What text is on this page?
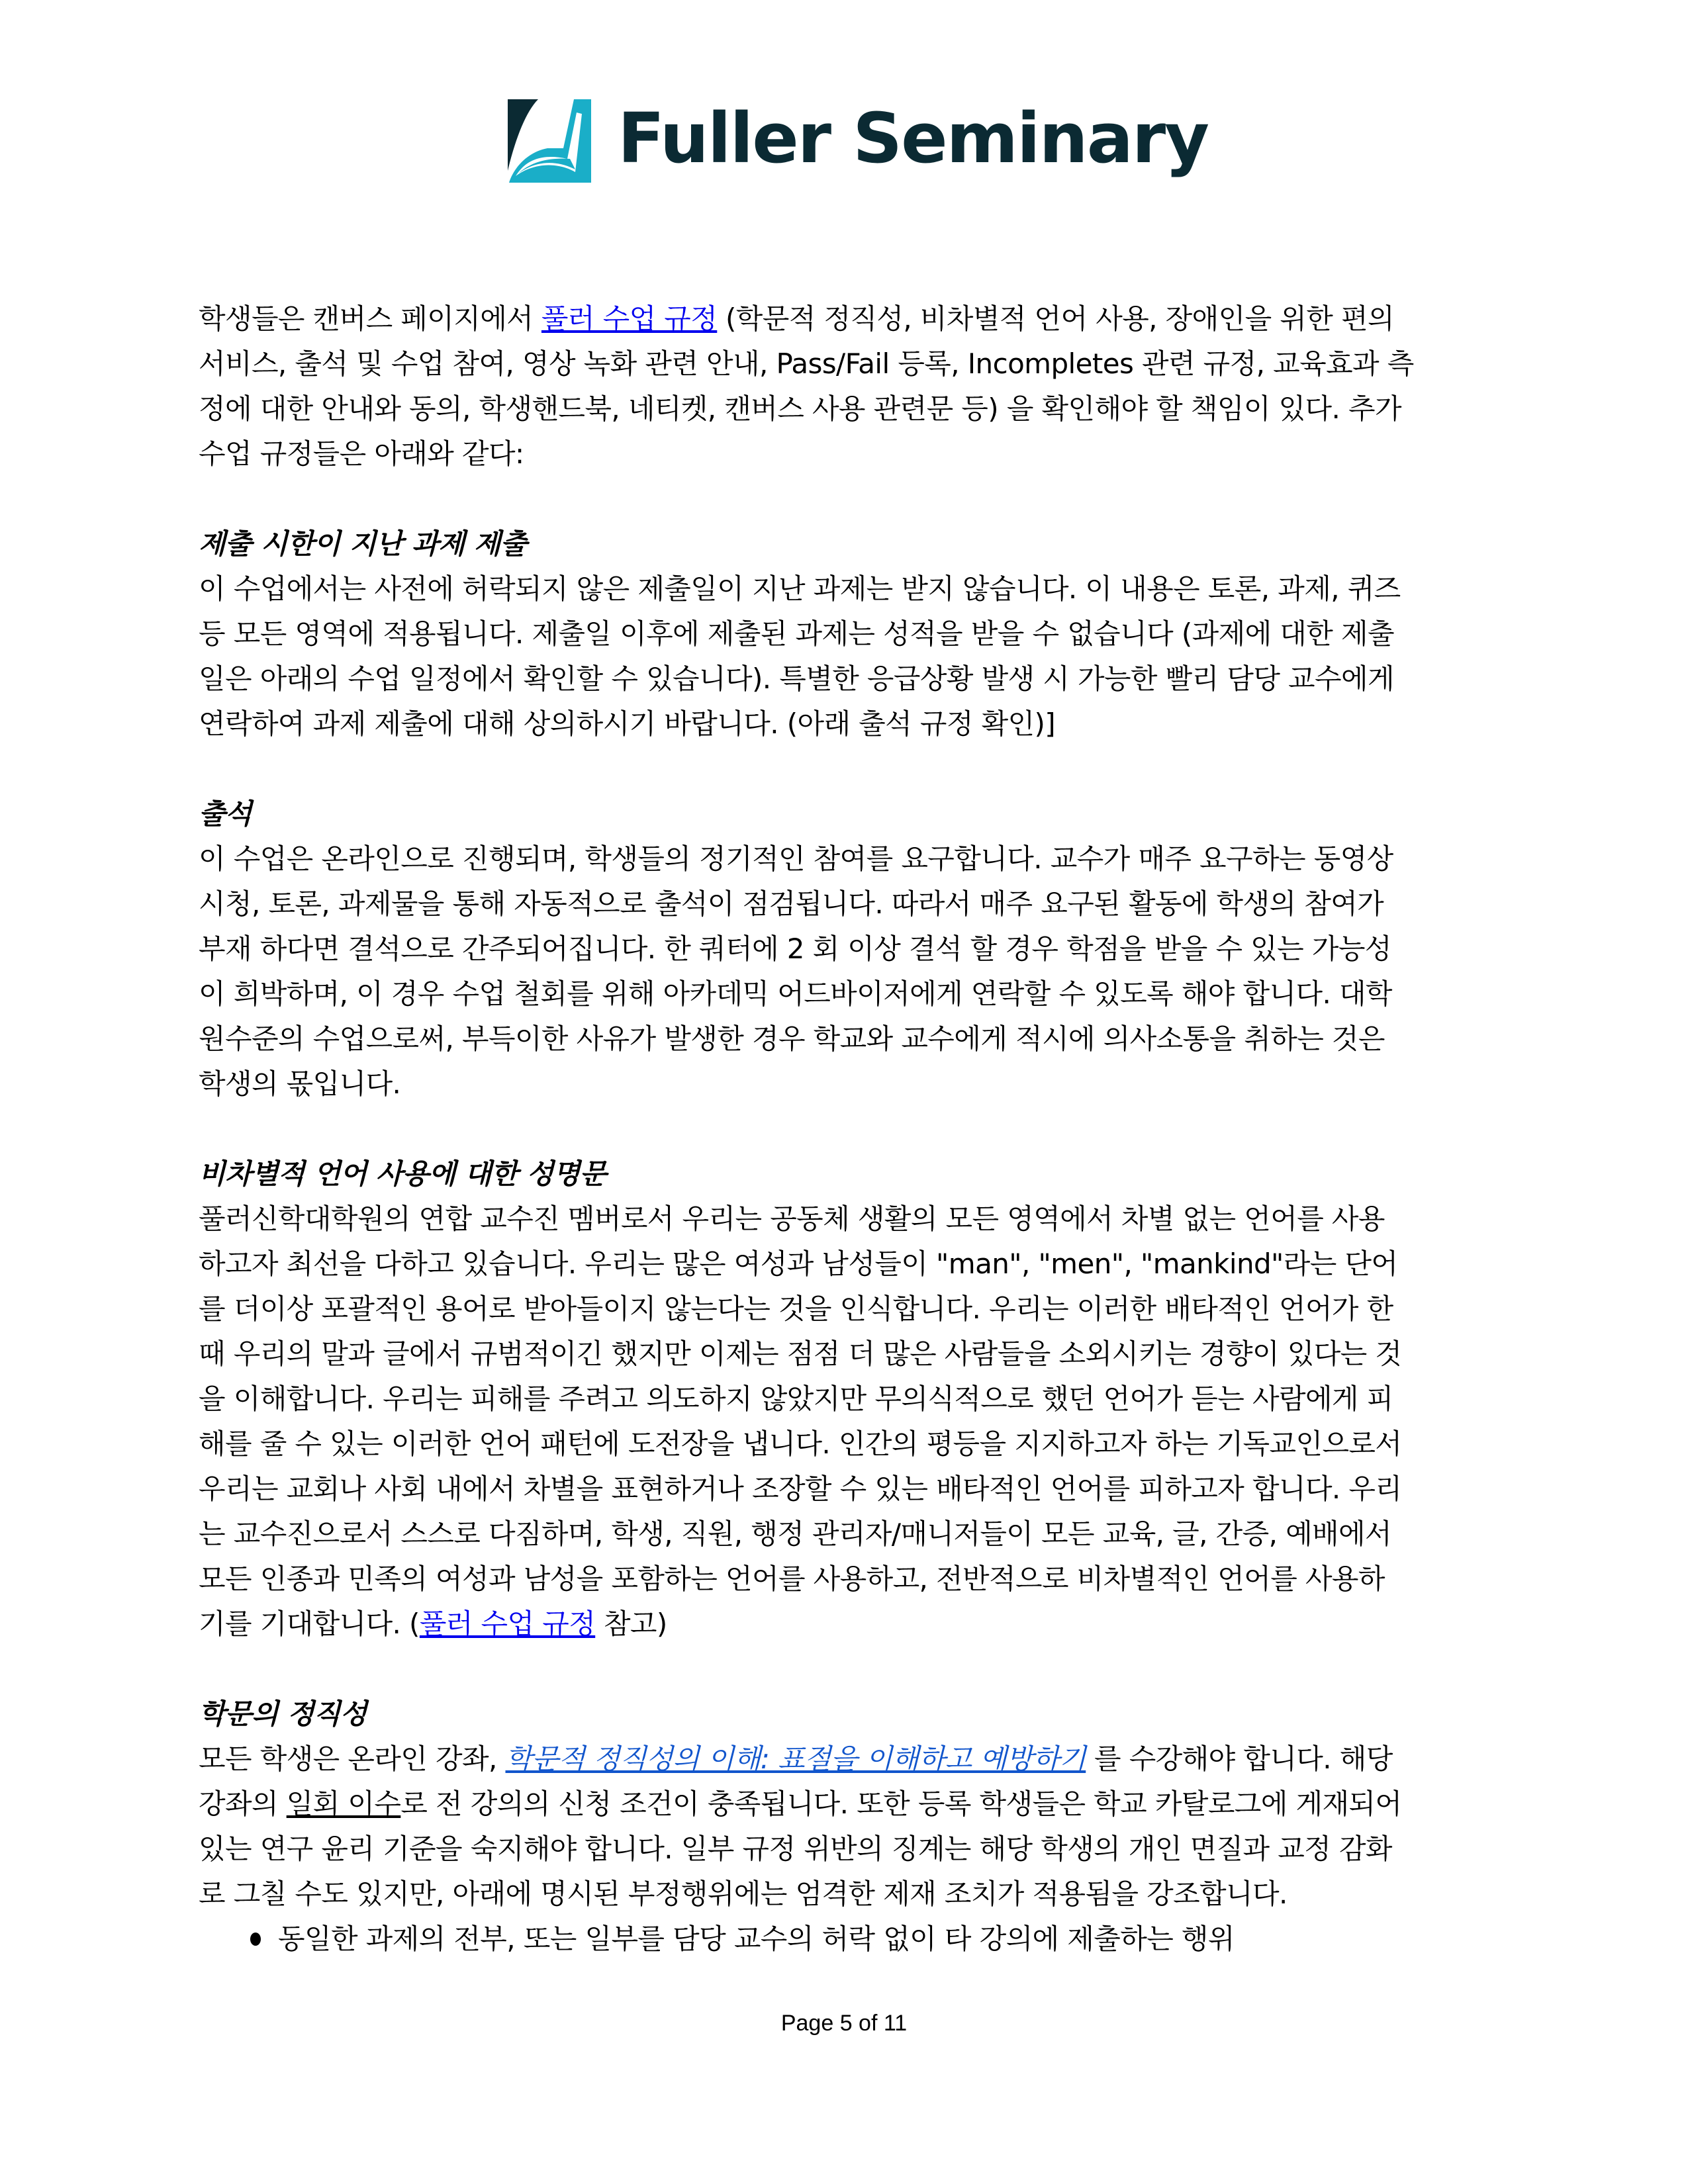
Fuller Seminary

학생들은 캔버스 페이지에서 풀러 수업 규정 (학문적 정직성, 비차별적 언어 사용, 장애인을 위한 편의
서비스, 출석 및 수업 참여, 영상 녹화 관련 안내, Pass/Fail 등록, Incompletes 관련 규정, 교육효과 측
정에 대한 안내와 동의, 학생핸드북, 네티켓, 캔버스 사용 관련문 등) 을 확인해야 할 책임이 있다. 추가
수업 규정들은 아래와 같다:

제출 시한이 지난 과제 제출

이 수업에서는 사전에 허락되지 않은 제출일이 지난 과제는 받지 않습니다. 이 내용은 토론, 과제, 퀴즈
등 모든 영역에 적용됩니다. 제출일 이후에 제출된 과제는 성적을 받을 수 없습니다 (과제에 대한 제출
일은 아래의 수업 일정에서 확인할 수 있습니다). 특별한 응급상황 발생 시 가능한 빨리 담당 교수에게
연락하여 과제 제출에 대해 상의하시기 바랍니다. (아래 출석 규정 확인)]

출석

이 수업은 온라인으로 진행되며, 학생들의 정기적인 참여를 요구합니다. 교수가 매주 요구하는 동영상
시청, 토론, 과제물을 통해 자동적으로 출석이 점검됩니다. 따라서 매주 요구된 활동에 학생의 참여가
부재 하다면 결석으로 간주되어집니다. 한 쿼터에 2 회 이상 결석 할 경우 학점을 받을 수 있는 가능성
이 희박하며, 이 경우 수업 철회를 위해 아카데믹 어드바이저에게 연락할 수 있도록 해야 합니다. 대학
원수준의 수업으로써, 부득이한 사유가 발생한 경우 학교와 교수에게 적시에 의사소통을 취하는 것은
학생의 몫입니다.

비차별적 언어 사용에 대한 성명문

풀러신학대학원의 연합 교수진 멤버로서 우리는 공동체 생활의 모든 영역에서 차별 없는 언어를 사용
하고자 최선을 다하고 있습니다. 우리는 많은 여성과 남성들이 "man", "men", "mankind"라는 단어
를 더이상 포괄적인 용어로 받아들이지 않는다는 것을 인식합니다. 우리는 이러한 배타적인 언어가 한
때 우리의 말과 글에서 규범적이긴 했지만 이제는 점점 더 많은 사람들을 소외시키는 경향이 있다는 것
을 이해합니다. 우리는 피해를 주려고 의도하지 않았지만 무의식적으로 했던 언어가 듣는 사람에게 피
해를 줄 수 있는 이러한 언어 패턴에 도전장을 냅니다. 인간의 평등을 지지하고자 하는 기독교인으로서
우리는 교회나 사회 내에서 차별을 표현하거나 조장할 수 있는 배타적인 언어를 피하고자 합니다. 우리
는 교수진으로서 스스로 다짐하며, 학생, 직원, 행정 관리자/매니저들이 모든 교육, 글, 간증, 예배에서
모든 인종과 민족의 여성과 남성을 포함하는 언어를 사용하고, 전반적으로 비차별적인 언어를 사용하
기를 기대합니다. (풀러 수업 규정 참고)

학문의 정직성

모든 학생은 온라인 강좌, 학문적 정직성의 이해: 표절을 이해하고 예방하기 를 수강해야 합니다. 해당
강좌의 일회 이수로 전 강의의 신청 조건이 충족됩니다. 또한 등록 학생들은 학교 카탈로그에 게재되어
있는 연구 윤리 기준을 숙지해야 합니다. 일부 규정 위반의 징계는 해당 학생의 개인 면질과 교정 감화
로 그칠 수도 있지만, 아래에 명시된 부정행위에는 엄격한 제재 조치가 적용됨을 강조합니다.

동일한 과제의 전부, 또는 일부를 담당 교수의 허락 없이 타 강의에 제출하는 행위
Page 5 of 11
